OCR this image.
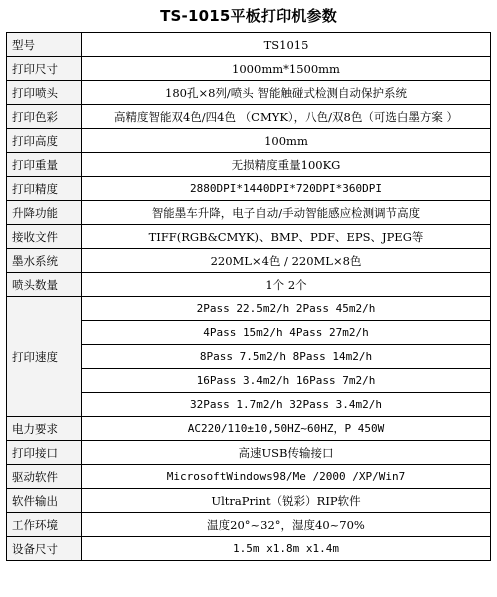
TS-1015平板打印机参数
型号	TS1015
打印尺寸	1000mm*1500mm
打印喷头	180孔×8列/喷头 智能触碰式检测自动保护系统
打印色彩	高精度智能双4色/四4色 （CMYK），八色/双8色（可选白墨方案 ）
打印高度	100mm
打印重量	无损精度重量100KG
打印精度	2880DPI*1440DPI*720DPI*360DPI
升降功能	智能墨车升降，电子自动/手动智能感应检测调节高度
接收文件	TIFF(RGB&CMYK)、BMP、PDF、EPS、JPEG等
墨水系统	220ML×4色 / 220ML×8色
喷头数量	1个 2个
打印速度	2Pass 22.5m2/h 2Pass 45m2/h
	4Pass 15m2/h 4Pass 27m2/h
	8Pass 7.5m2/h 8Pass 14m2/h
	16Pass 3.4m2/h 16Pass 7m2/h
	32Pass 1.7m2/h 32Pass 3.4m2/h
电力要求	AC220/110±10,50HZ~60HZ，P 450W
打印接口	高速USB传输接口
驱动软件	MicrosoftWindows98/Me /2000 /XP/Win7
软件输出	UltraPrint（锐彩）RIP软件
工作环境	温度20°~32°，湿度40~70%
设备尺寸	1.5m x1.8m x1.4m
